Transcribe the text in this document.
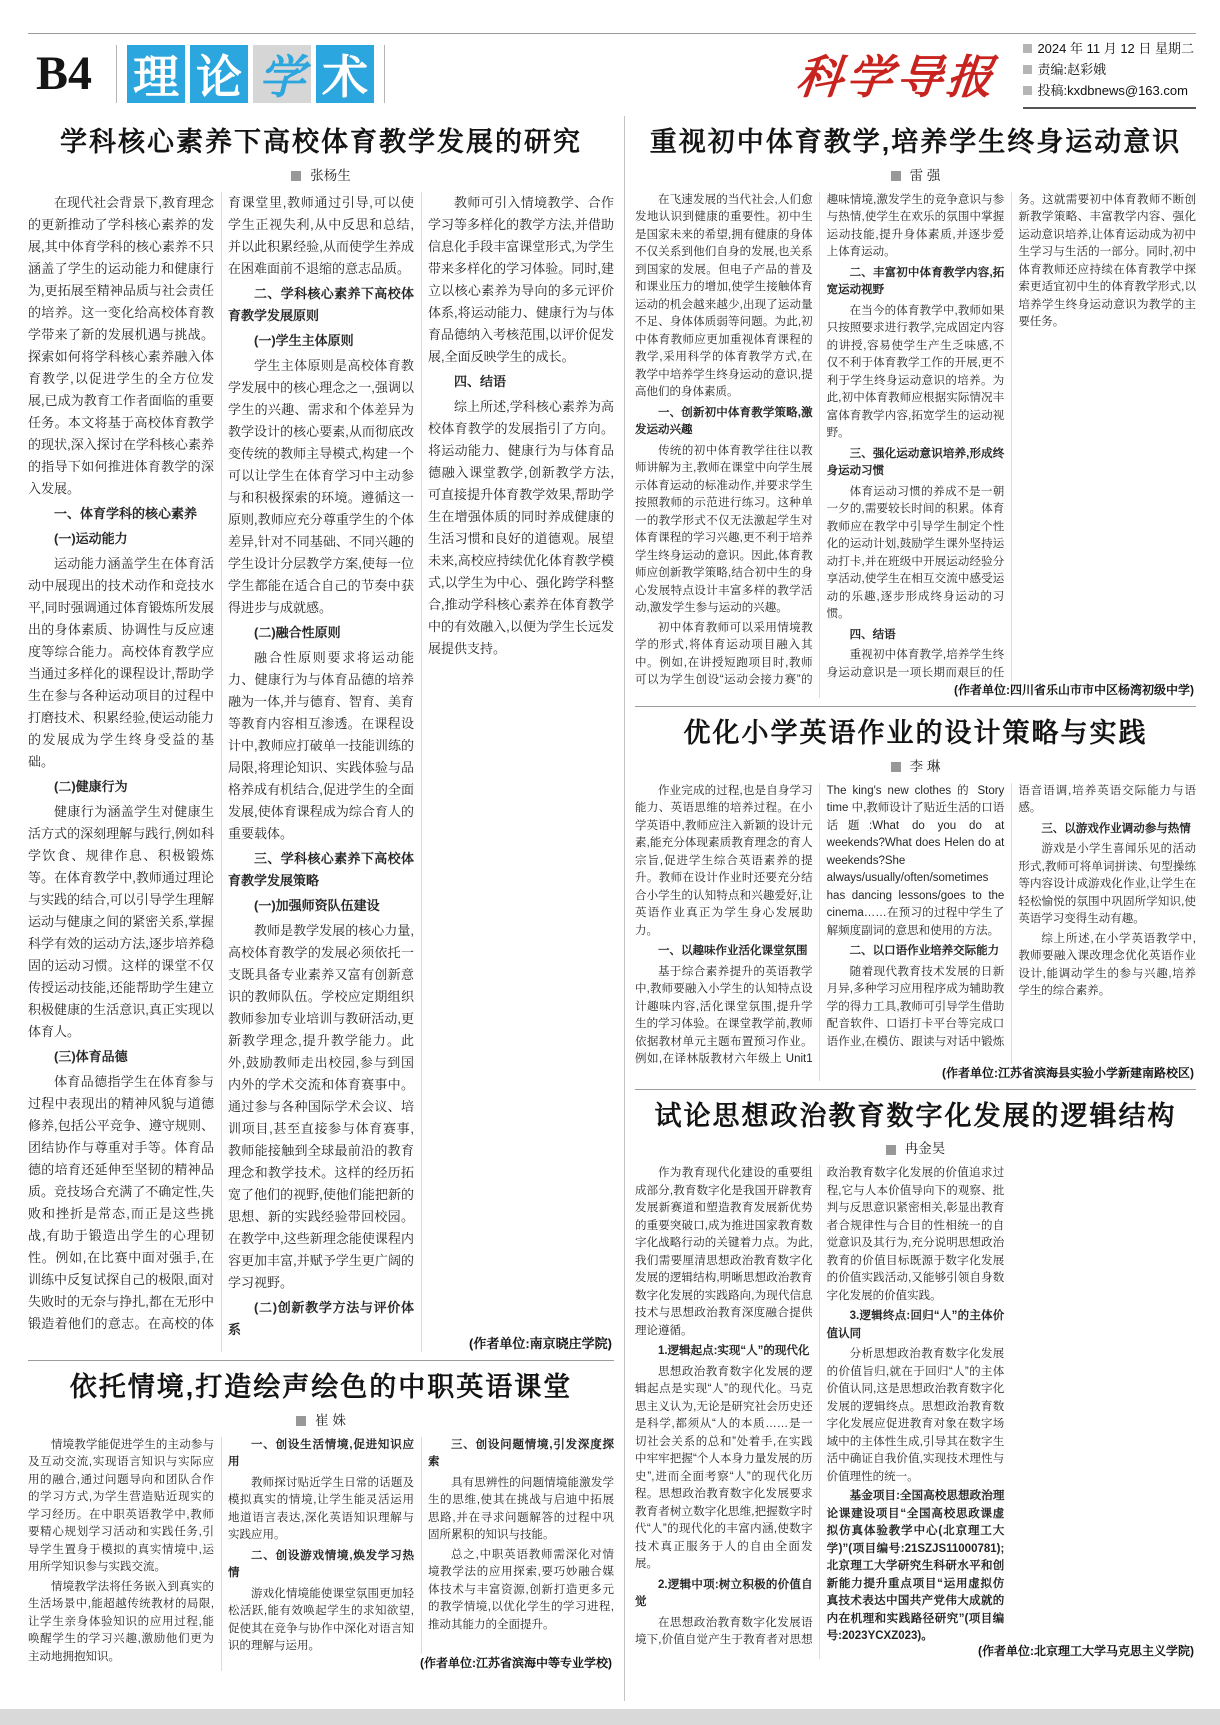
B4 理 论 学 术	科学导报
2024 年 11 月 12 日 星期二
责编:赵彩娥
投稿:kxdbnews@163.com
学科核心素养下高校体育教学发展的研究
张杨生

在现代社会背景下,教育理念的更新推动了学科核心素养的发展,其中体育学科的核心素养不只涵盖了学生的运动能力和健康行为,更拓展至精神品质与社会责任的培养。这一变化给高校体育教学带来了新的发展机遇与挑战。探索如何将学科核心素养融入体育教学,以促进学生的全方位发展,已成为教育工作者面临的重要任务。本文将基于高校体育教学的现状,深入探讨在学科核心素养的指导下如何推进体育教学的深入发展。

一、体育学科的核心素养

(一)运动能力

运动能力涵盖学生在体育活动中展现出的技术动作和竞技水平,同时强调通过体育锻炼所发展出的身体素质、协调性与反应速度等综合能力。高校体育教学应当通过多样化的课程设计,帮助学生在参与各种运动项目的过程中打磨技术、积累经验,使运动能力的发展成为学生终身受益的基础。

(二)健康行为

健康行为涵盖学生对健康生活方式的深刻理解与践行,例如科学饮食、规律作息、积极锻炼等。在体育教学中,教师通过理论与实践的结合,可以引导学生理解运动与健康之间的紧密关系,掌握科学有效的运动方法,逐步培养稳固的运动习惯。这样的课堂不仅传授运动技能,还能帮助学生建立积极健康的生活意识,真正实现以体育人。

(三)体育品德

体育品德指学生在体育参与过程中表现出的精神风貌与道德修养,包括公平竞争、遵守规则、团结协作与尊重对手等。体育品德的培育还延伸至坚韧的精神品质。竞技场合充满了不确定性,失败和挫折是常态,而正是这些挑战,有助于锻造出学生的心理韧性。例如,在比赛中面对强手,在训练中反复试探自己的极限,面对失败时的无奈与挣扎,都在无形中锻造着他们的意志。在高校的体育课堂里,教师通过引导,可以使学生正视失利,从中反思和总结,并以此积累经验,从而使学生养成在困难面前不退缩的意志品质。

二、学科核心素养下高校体育教学发展原则

(一)学生主体原则

学生主体原则是高校体育教学发展中的核心理念之一,强调以学生的兴趣、需求和个体差异为教学设计的核心要素,从而彻底改变传统的教师主导模式,构建一个可以让学生在体育学习中主动参与和积极探索的环境。遵循这一原则,教师应充分尊重学生的个体差异,针对不同基础、不同兴趣的学生设计分层教学方案,使每一位学生都能在适合自己的节奏中获得进步与成就感。

(二)融合性原则

融合性原则要求将运动能力、健康行为与体育品德的培养融为一体,并与德育、智育、美育等教育内容相互渗透。在课程设计中,教师应打破单一技能训练的局限,将理论知识、实践体验与品格养成有机结合,促进学生的全面发展,使体育课程成为综合育人的重要载体。

三、学科核心素养下高校体育教学发展策略

(一)加强师资队伍建设

教师是教学发展的核心力量,高校体育教学的发展必须依托一支既具备专业素养又富有创新意识的教师队伍。学校应定期组织教师参加专业培训与教研活动,更新教学理念,提升教学能力。此外,鼓励教师走出校园,参与到国内外的学术交流和体育赛事中。通过参与各种国际学术会议、培训项目,甚至直接参与体育赛事,教师能接触到全球最前沿的教育理念和教学技术。这样的经历拓宽了他们的视野,使他们能把新的思想、新的实践经验带回校园。在教学中,这些新理念能使课程内容更加丰富,并赋予学生更广阔的学习视野。

(二)创新教学方法与评价体系

教师可引入情境教学、合作学习等多样化的教学方法,并借助信息化手段丰富课堂形式,为学生带来多样化的学习体验。同时,建立以核心素养为导向的多元评价体系,将运动能力、健康行为与体育品德纳入考核范围,以评价促发展,全面反映学生的成长。

四、结语

综上所述,学科核心素养为高校体育教学的发展指引了方向。将运动能力、健康行为与体育品德融入课堂教学,创新教学方法,可直接提升体育教学效果,帮助学生在增强体质的同时养成健康的生活习惯和良好的道德观。展望未来,高校应持续优化体育教学模式,以学生为中心、强化跨学科整合,推动学科核心素养在体育教学中的有效融入,以便为学生长远发展提供支持。

(作者单位:南京晓庄学院)
依托情境,打造绘声绘色的中职英语课堂
崔 姝

情境教学能促进学生的主动参与及互动交流,实现语言知识与实际应用的融合,通过问题导向和团队合作的学习方式,为学生营造贴近现实的学习经历。在中职英语教学中,教师要精心规划学习活动和实践任务,引导学生置身于模拟的真实情境中,运用所学知识参与实践交流。

情境教学法将任务嵌入到真实的生活场景中,能超越传统教材的局限,让学生亲身体验知识的应用过程,能唤醒学生的学习兴趣,激励他们更为主动地拥抱知识。

一、创设生活情境,促进知识应用

教师探讨贴近学生日常的话题及模拟真实的情境,让学生能灵活运用地道语言表达,深化英语知识理解与实践应用。

二、创设游戏情境,焕发学习热情

游戏化情境能使课堂氛围更加轻松活跃,能有效唤起学生的求知欲望,促使其在竞争与协作中深化对语言知识的理解与运用。

三、创设问题情境,引发深度探索

具有思辨性的问题情境能激发学生的思维,使其在挑战与启迪中拓展思路,并在寻求问题解答的过程中巩固所累积的知识与技能。

总之,中职英语教师需深化对情境教学法的应用探索,要巧妙融合媒体技术与丰富资源,创新打造更多元的教学情境,以优化学生的学习进程,推动其能力的全面提升。

(作者单位:江苏省滨海中等专业学校)
重视初中体育教学,培养学生终身运动意识
雷 强

在飞速发展的当代社会,人们愈发地认识到健康的重要性。初中生是国家未来的希望,拥有健康的身体不仅关系到他们自身的发展,也关系到国家的发展。但电子产品的普及和课业压力的增加,使学生接触体育运动的机会越来越少,出现了运动量不足、身体体质弱等问题。为此,初中体育教师应更加重视体育课程的教学,采用科学的体育教学方式,在教学中培养学生终身运动的意识,提高他们的身体素质。

一、创新初中体育教学策略,激发运动兴趣

传统的初中体育教学往往以教师讲解为主,教师在课堂中向学生展示体育运动的标准动作,并要求学生按照教师的示范进行练习。这种单一的教学形式不仅无法激起学生对体育课程的学习兴趣,更不利于培养学生终身运动的意识。因此,体育教师应创新教学策略,结合初中生的身心发展特点设计丰富多样的教学活动,激发学生参与运动的兴趣。

初中体育教师可以采用情境教学的形式,将体育运动项目融入其中。例如,在讲授短跑项目时,教师可以为学生创设“运动会接力赛”的趣味情境,激发学生的竞争意识与参与热情,使学生在欢乐的氛围中掌握运动技能,提升身体素质,并逐步爱上体育运动。

二、丰富初中体育教学内容,拓宽运动视野

在当今的体育教学中,教师如果只按照要求进行教学,完成固定内容的讲授,容易使学生产生乏味感,不仅不利于体育教学工作的开展,更不利于学生终身运动意识的培养。为此,初中体育教师应根据实际情况丰富体育教学内容,拓宽学生的运动视野。

三、强化运动意识培养,形成终身运动习惯

体育运动习惯的养成不是一朝一夕的,需要较长时间的积累。体育教师应在教学中引导学生制定个性化的运动计划,鼓励学生课外坚持运动打卡,并在班级中开展运动经验分享活动,使学生在相互交流中感受运动的乐趣,逐步形成终身运动的习惯。

四、结语

重视初中体育教学,培养学生终身运动意识是一项长期而艰巨的任务。这就需要初中体育教师不断创新教学策略、丰富教学内容、强化运动意识培养,让体育运动成为初中生学习与生活的一部分。同时,初中体育教师还应持续在体育教学中探索更适宜初中生的体育教学形式,以培养学生终身运动意识为教学的主要任务。

(作者单位:四川省乐山市市中区杨湾初级中学)
优化小学英语作业的设计策略与实践
李 琳

作业完成的过程,也是自身学习能力、英语思维的培养过程。在小学英语中,教师应注入新颖的设计元素,能充分体现素质教育理念的育人宗旨,促进学生综合英语素养的提升。教师在设计作业时还要充分结合小学生的认知特点和兴趣爱好,让英语作业真正为学生身心发展助力。

一、以趣味作业活化课堂氛围

基于综合素养提升的英语教学中,教师要融入小学生的认知特点设计趣味内容,活化课堂氛围,提升学生的学习体验。在课堂教学前,教师依据教材单元主题布置预习作业。例如,在译林版教材六年级上 Unit1 The king's new clothes 的 Story time 中,教师设计了贴近生活的口语话题:What do you do at weekends?What does Helen do at weekends?She always/usually/often/sometimes has dancing lessons/goes to the cinema……在预习的过程中学生了解频度副词的意思和使用的方法。

二、以口语作业培养交际能力

随着现代教育技术发展的日新月异,多种学习应用程序成为辅助教学的得力工具,教师可引导学生借助配音软件、口语打卡平台等完成口语作业,在模仿、跟读与对话中锻炼语音语调,培养英语交际能力与语感。

三、以游戏作业调动参与热情

游戏是小学生喜闻乐见的活动形式,教师可将单词拼读、句型操练等内容设计成游戏化作业,让学生在轻松愉悦的氛围中巩固所学知识,使英语学习变得生动有趣。

综上所述,在小学英语教学中,教师要融入课改理念优化英语作业设计,能调动学生的参与兴趣,培养学生的综合素养。

(作者单位:江苏省滨海县实验小学新建南路校区)
试论思想政治教育数字化发展的逻辑结构
冉金昊

作为教育现代化建设的重要组成部分,教育数字化是我国开辟教育发展新赛道和塑造教育发展新优势的重要突破口,成为推进国家教育数字化战略行动的关键着力点。为此,我们需要厘清思想政治教育数字化发展的逻辑结构,明晰思想政治教育数字化发展的实践路向,为现代信息技术与思想政治教育深度融合提供理论遵循。

1.逻辑起点:实现“人”的现代化

思想政治教育数字化发展的逻辑起点是实现“人”的现代化。马克思主义认为,无论是研究社会历史还是科学,都须从“人的本质……是一切社会关系的总和”处着手,在实践中牢牢把握“个人本身力量发展的历史”,进而全面考察“人”的现代化历程。思想政治教育数字化发展要求教育者树立数字化思维,把握数字时代“人”的现代化的丰富内涵,使数字技术真正服务于人的自由全面发展。

2.逻辑中项:树立积极的价值自觉

在思想政治教育数字化发展语境下,价值自觉产生于教育者对思想政治教育数字化发展的价值追求过程,它与人本价值导向下的观察、批判与反思意识紧密相关,彰显出教育者合规律性与合目的性相统一的自觉意识及其行为,充分说明思想政治教育的价值目标既源于数字化发展的价值实践活动,又能够引领自身数字化发展的价值实践。

3.逻辑终点:回归“人”的主体价值认同

分析思想政治教育数字化发展的价值旨归,就在于回归“人”的主体价值认同,这是思想政治教育数字化发展的逻辑终点。思想政治教育数字化发展应促进教育对象在数字场域中的主体性生成,引导其在数字生活中确证自我价值,实现技术理性与价值理性的统一。

基金项目:全国高校思想政治理论课建设项目“全国高校思政课虚拟仿真体验教学中心(北京理工大学)”(项目编号:21SZJS11000781);北京理工大学研究生科研水平和创新能力提升重点项目“运用虚拟仿真技术表达中国共产党伟大成就的内在机理和实践路径研究”(项目编号:2023YCXZ023)。

(作者单位:北京理工大学马克思主义学院)
